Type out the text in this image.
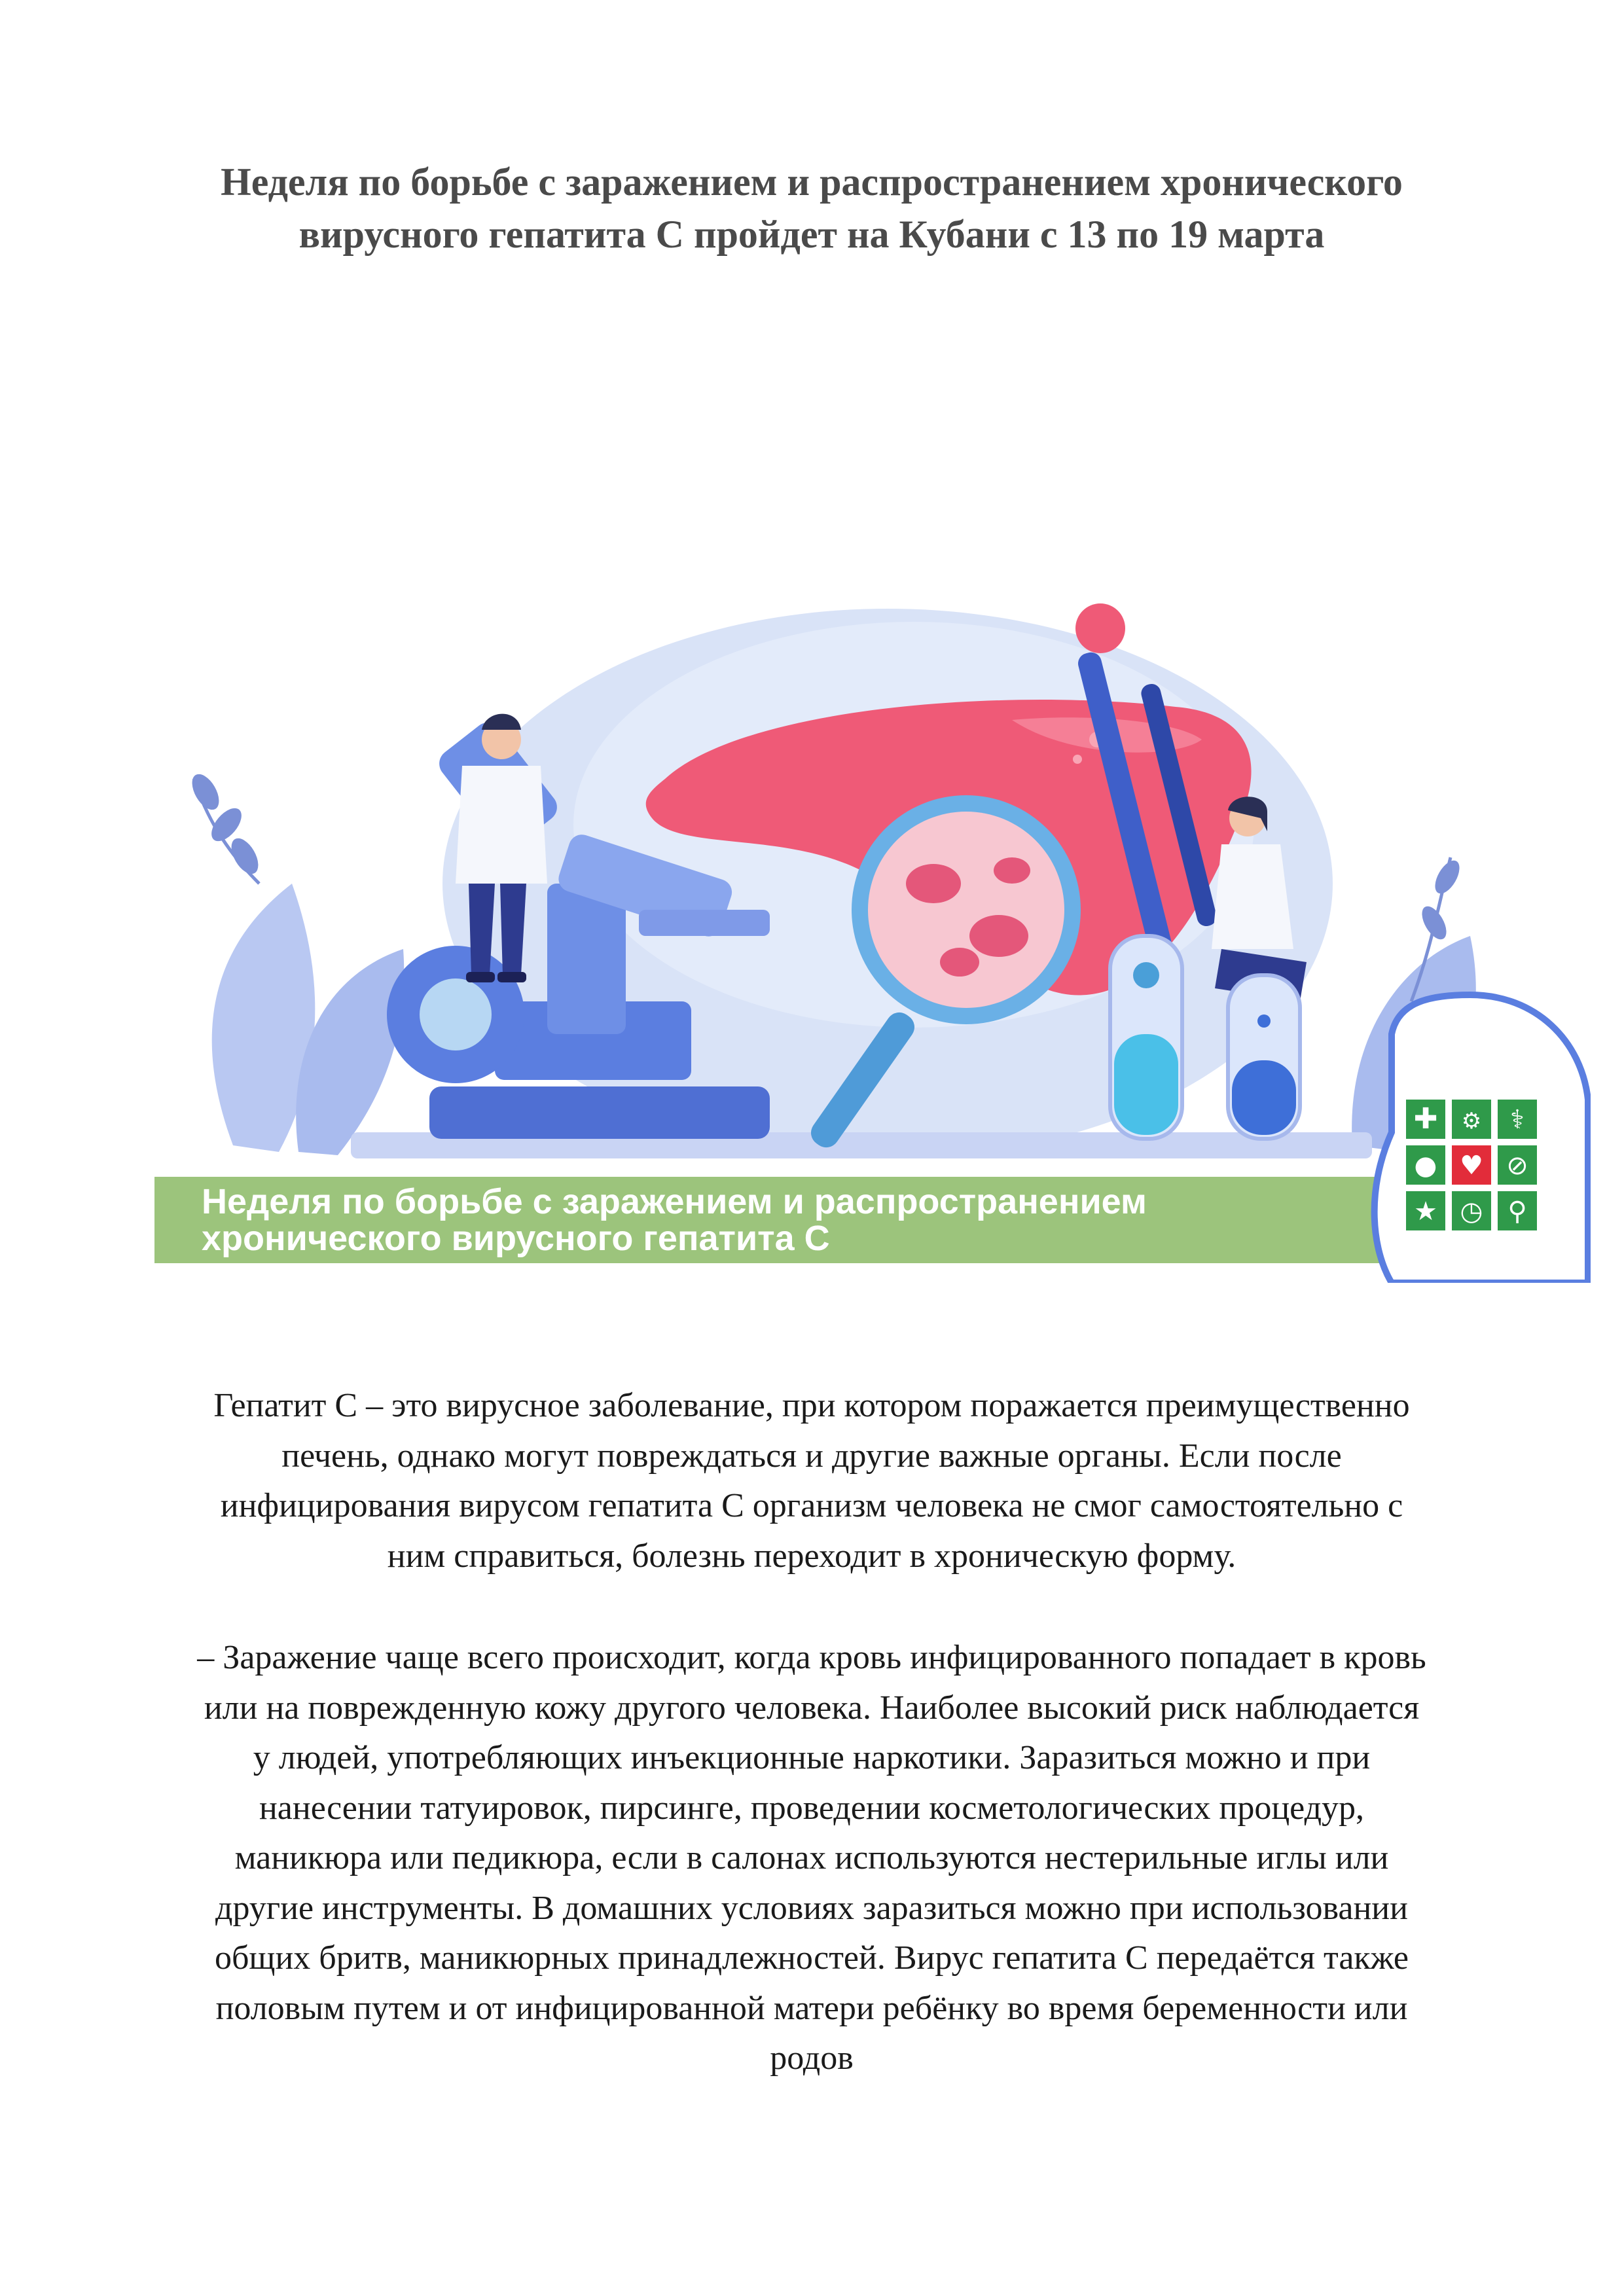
Неделя по борьбе с заражением и распространением хронического
вирусного гепатита С пройдет на Кубани с 13 по 19 марта
Неделя по борьбе с заражением и распространением
хронического вирусного гепатита С
✚ ⚙ ⚕
● ♥ ⊘
★ ◷ ⚲

Гепатит С – это вирусное заболевание, при котором поражается преимущественно
печень, однако могут повреждаться и другие важные органы. Если после
инфицирования вирусом гепатита С организм человека не смог самостоятельно с
ним справиться, болезнь переходит в хроническую форму.

– Заражение чаще всего происходит, когда кровь инфицированного попадает в кровь
или на поврежденную кожу другого человека. Наиболее высокий риск наблюдается
у людей, употребляющих инъекционные наркотики. Заразиться можно и при
нанесении татуировок, пирсинге, проведении косметологических процедур,
маникюра или педикюра, если в салонах используются нестерильные иглы или
другие инструменты. В домашних условиях заразиться можно при использовании
общих бритв, маникюрных принадлежностей. Вирус гепатита С передаётся также
половым путем и от инфицированной матери ребёнку во время беременности или
родов
